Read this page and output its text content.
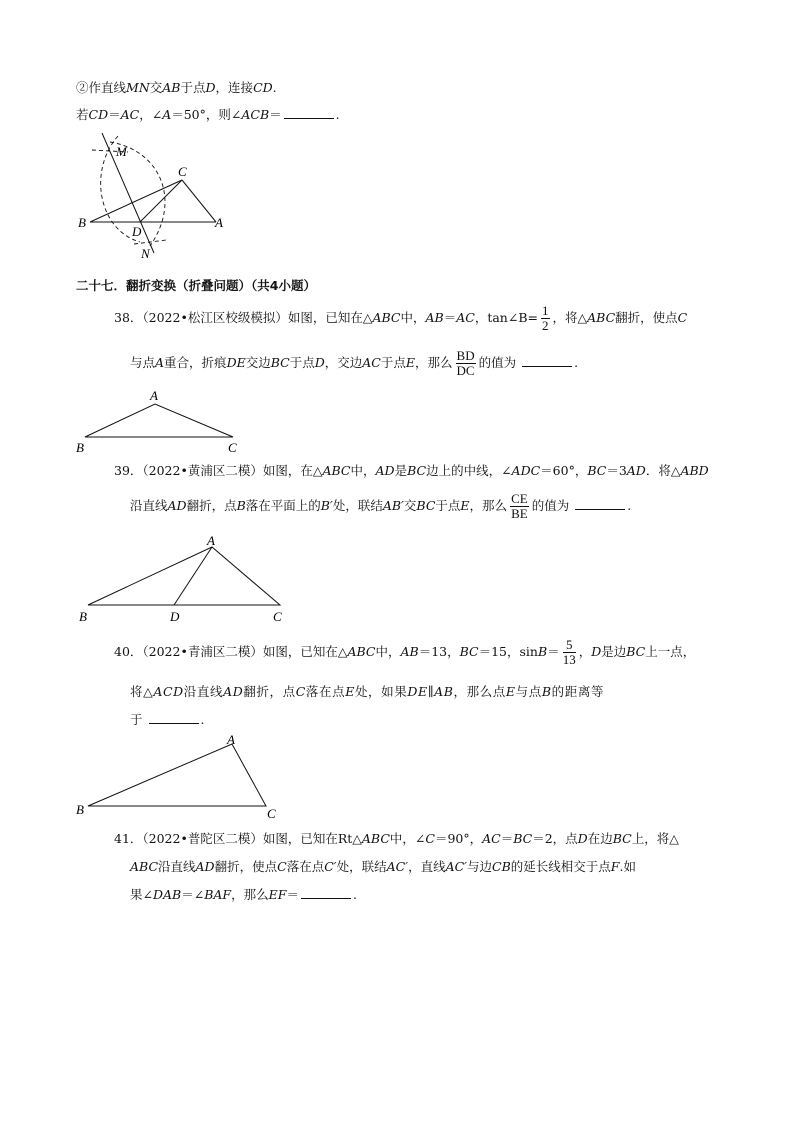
②作直线MN交AB于点D，连接CD.
若CD＝AC，∠A＝50°，则∠ACB＝	.
M
C
B	A
D
N
二十七．翻折变换（折叠问题）（共4小题）
38．（2022•松江区校级模拟）如图，已知在△ABC中，AB＝AC，tan∠B= $\frac{1}{2}$ ，将△ABC翻折，使点C
与点A重合，折痕DE交边BC于点D，交边AC于点E，那么 $\frac{BD}{DC}$ 的值为	.
A
B	C
39．（2022•黄浦区二模）如图，在△ABC中，AD是BC边上的中线，∠ADC＝60°，BC＝3AD．将△ABD
沿直线AD翻折，点B落在平面上的B′处，联结AB′交BC于点E，那么 $\frac{CE}{BE}$ 的值为	.
A
B	D	C
40．（2022•青浦区二模）如图，已知在△ABC中，AB＝13，BC＝15，$\sin B= \frac{5}{13}$ ，D是边BC上一点，
将△ACD沿直线AD翻折，点C落在点E处，如果DE∥AB，那么点E与点B的距离等
于	.
A
B	C
41．（2022•普陀区二模）如图，已知在Rt△ABC中，∠C＝90°，AC＝BC＝2，点D在边BC上，将△
ABC沿直线AD翻折，使点C落在点C′处，联结AC′，直线AC′与边CB的延长线相交于点F.如
果∠DAB＝∠BAF，那么EF＝	.
